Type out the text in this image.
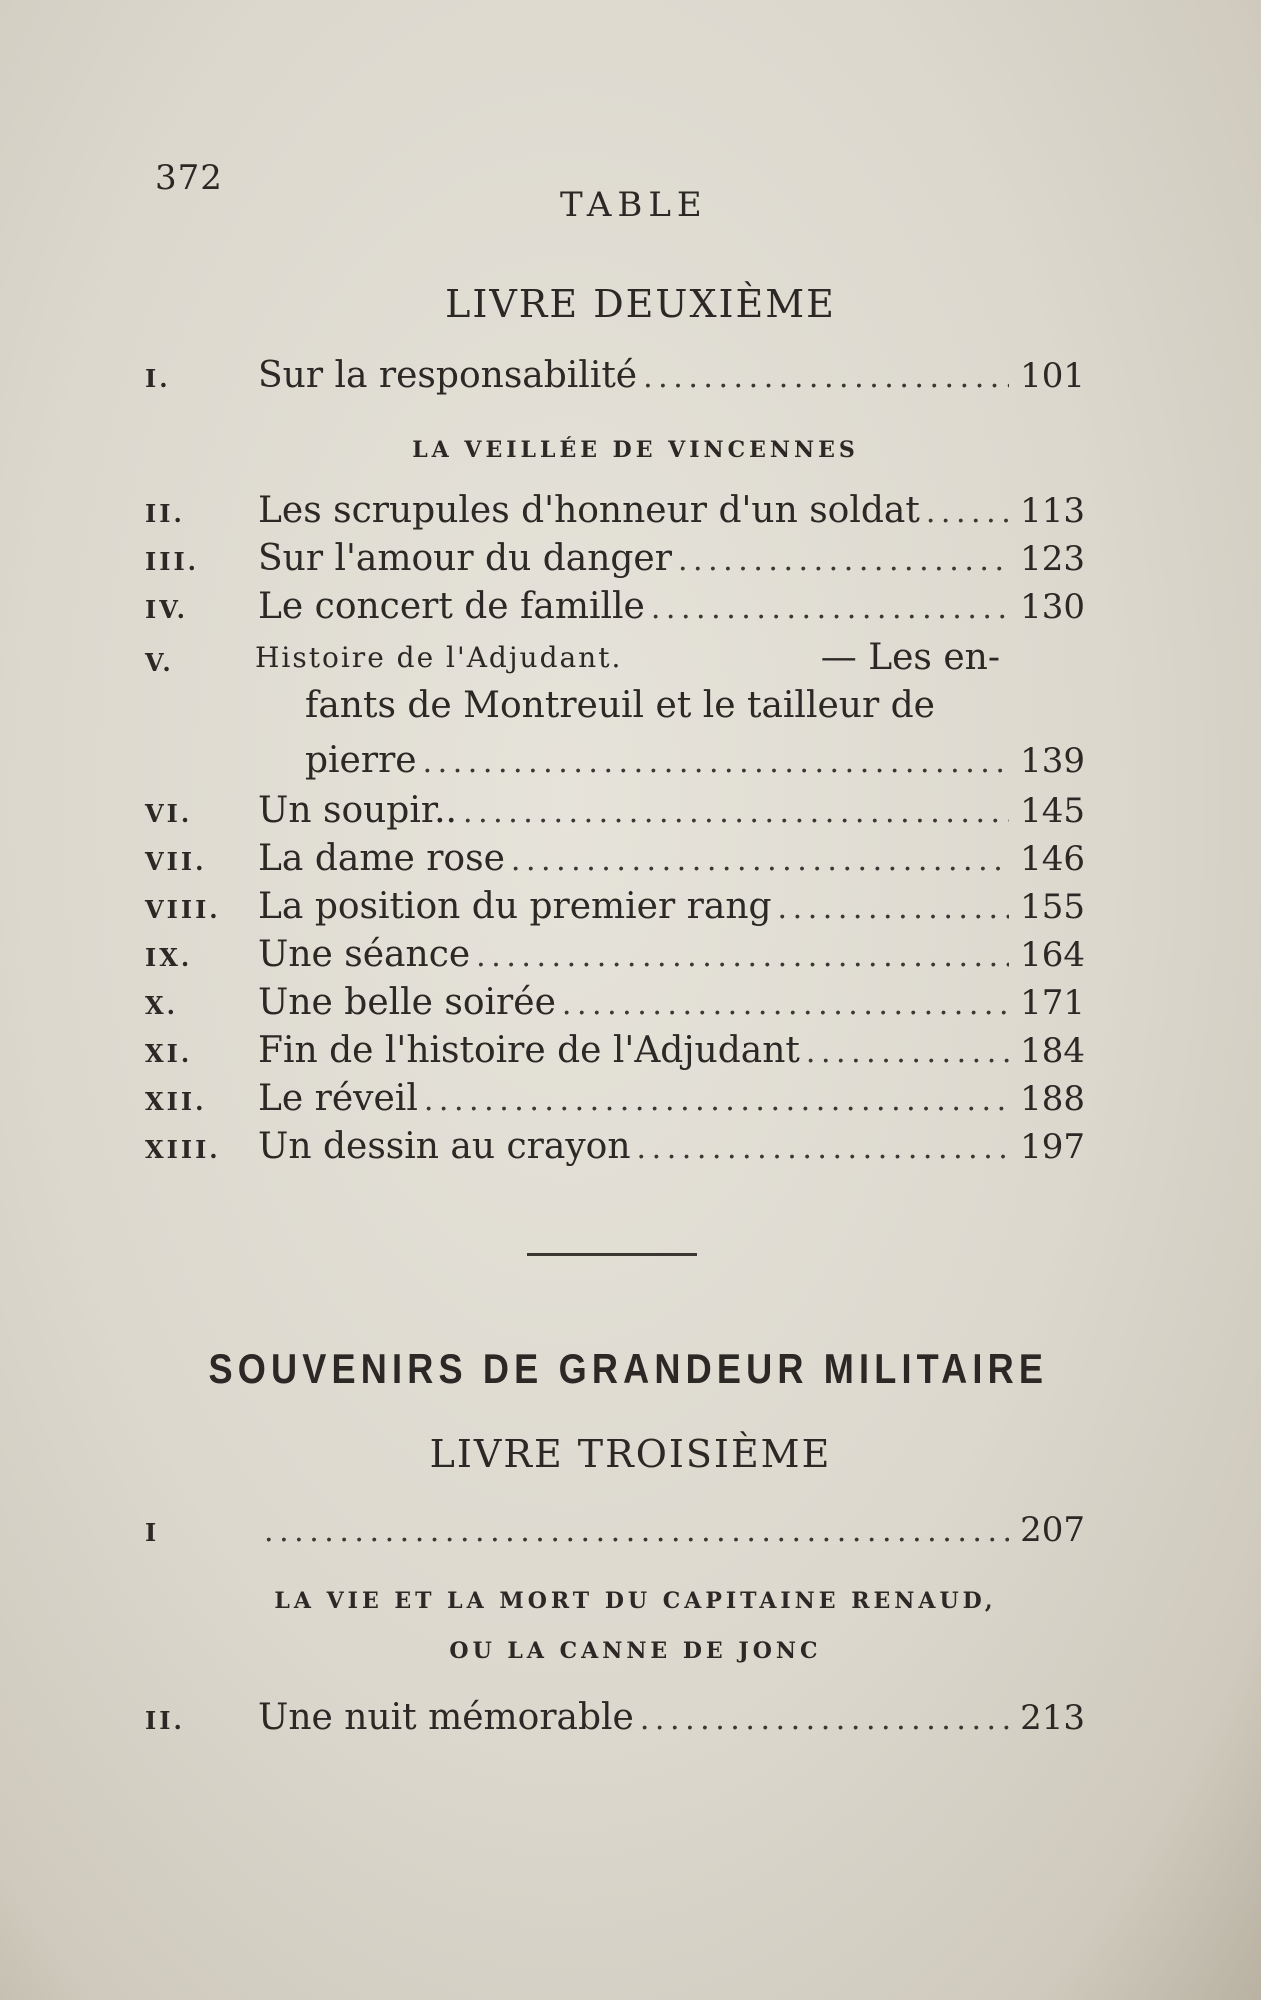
372
TABLE
LIVRE DEUXIÈME
I.	Sur la responsabilité . . .	101
LA VEILLÉE DE VINCENNES
II.	Les scrupules d'honneur d'un soldat . . .	113
III.	Sur l'amour du danger . . .	123
IV.	Le concert de famille . . .	130
V.	Histoire de l'Adjudant.	— Les en-
fants de Montreuil et le tailleur de
pierre . . .	139
VI.	Un soupir.. . . .	145
VII.	La dame rose . . .	146
VIII.	La position du premier rang . . .	155
IX.	Une séance . . .	164
X.	Une belle soirée . . .	171
XI.	Fin de l'histoire de l'Adjudant . . .	184
XII.	Le réveil . . .	188
XIII.	Un dessin au crayon . . .	197
SOUVENIRS DE GRANDEUR MILITAIRE
LIVRE TROISIÈME
I . . .	207
LA VIE ET LA MORT DU CAPITAINE RENAUD,
OU LA CANNE DE JONC
II.	Une nuit mémorable . . .	213
